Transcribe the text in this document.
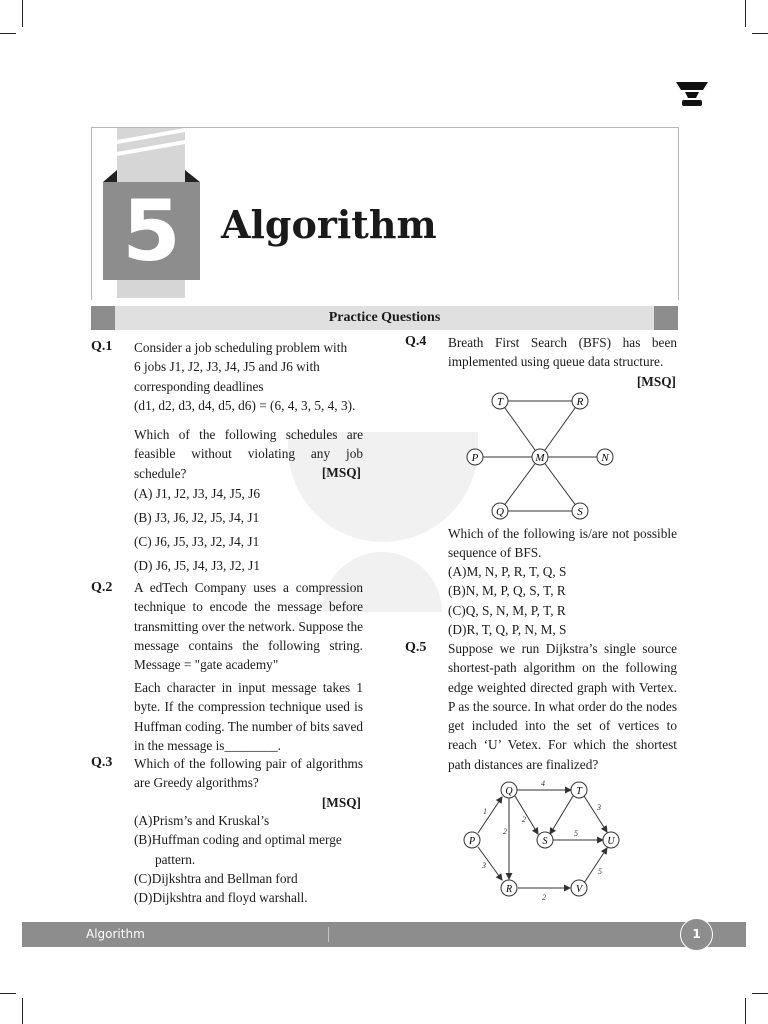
5	Algorithm
Practice Questions
Q.1 Consider a job scheduling problem with
6 jobs J1, J2, J3, J4, J5 and J6 with
corresponding deadlines
(d1, d2, d3, d4, d5, d6) = (6, 4, 3, 5, 4, 3).
Which of the following schedules are feasible without violating any job schedule?	[MSQ]
(A) J1, J2, J3, J4, J5, J6
(B) J3, J6, J2, J5, J4, J1
(C) J6, J5, J3, J2, J4, J1
(D) J6, J5, J4, J3, J2, J1
Q.2 A edTech Company uses a compression technique to encode the message before transmitting over the network. Suppose the message contains the following string. Message = "gate academy"
Each character in input message takes 1 byte. If the compression technique used is Huffman coding. The number of bits saved in the message is________.
Q.3 Which of the following pair of algorithms are Greedy algorithms?
[MSQ]
(A)Prism’s and Kruskal’s
(B)Huffman coding and optimal merge
pattern.
(C)Dijkshtra and Bellman ford
(D)Dijkshtra and floyd warshall.
Q.4 Breath First Search (BFS) has been implemented using queue data structure.
[MSQ]
T	R
P	M	N
Q	S
Which of the following is/are not possible sequence of BFS.
(A)M, N, P, R, T, Q, S
(B)N, M, P, Q, S, T, R
(C)Q, S, N, M, P, T, R
(D)R, T, Q, P, N, M, S
Q.5 Suppose we run Dijkstra’s single source shortest-path algorithm on the following edge weighted directed graph with Vertex. P as the source. In what order do the nodes get included into the set of vertices to reach ‘U’ Vetex. For which the shortest path distances are finalized?
4
1
2
2
3
3
5
5
2
P
Q	T
S	U
R	V
Algorithm	1
